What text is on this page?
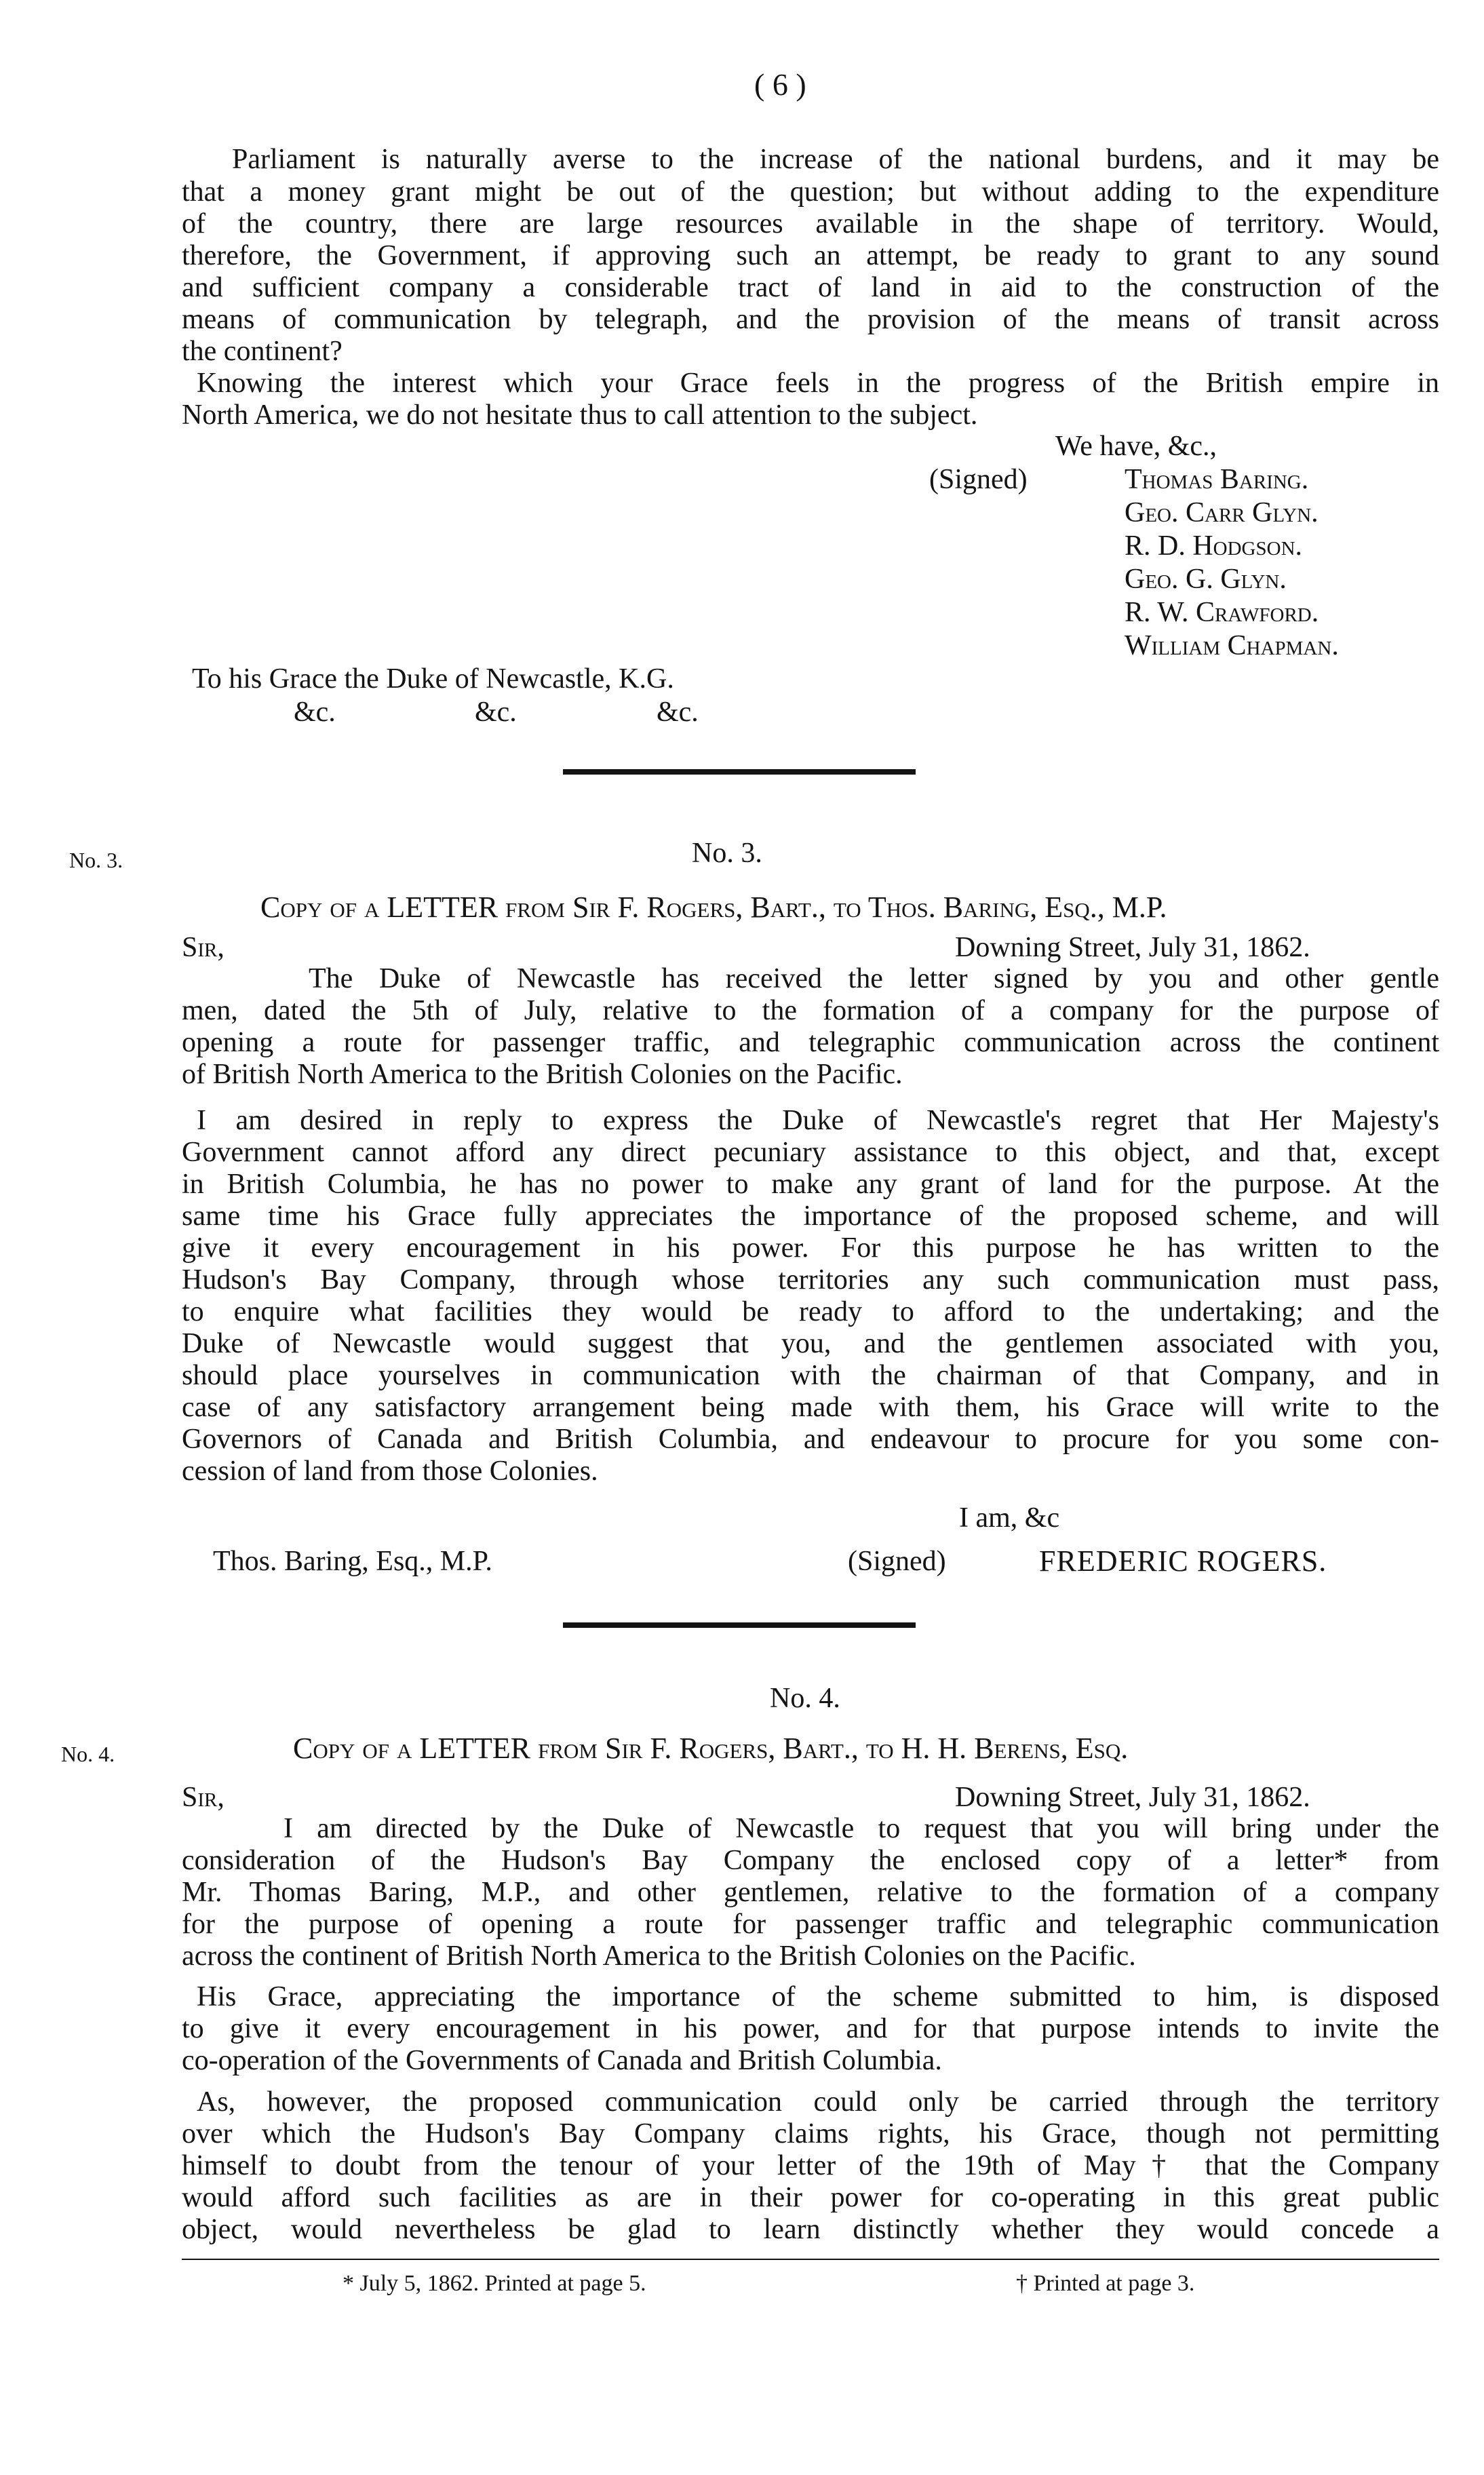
( 6 )
Parliament is naturally averse to the increase of the national burdens, and it may be
that a money grant might be out of the question; but without adding to the expenditure
of the country, there are large resources available in the shape of territory. Would,
therefore, the Government, if approving such an attempt, be ready to grant to any sound
and sufficient company a considerable tract of land in aid to the construction of the
means of communication by telegraph, and the provision of the means of transit across
the continent?
Knowing the interest which your Grace feels in the progress of the British empire in
North America, we do not hesitate thus to call attention to the subject.
We have, &c.,
(Signed)	Thomas Baring.
Geo. Carr Glyn.
R. D. Hodgson.
Geo. G. Glyn.
R. W. Crawford.
William Chapman.
To his Grace the Duke of Newcastle, K.G.
&c.	&c.	&c.
No. 3.	No. 3.
Copy of a LETTER from Sir F. Rogers, Bart., to Thos. Baring, Esq., M.P.
Sir,	Downing Street, July 31, 1862.
The Duke of Newcastle has received the letter signed by you and other gentle
men, dated the 5th of July, relative to the formation of a company for the purpose of
opening a route for passenger traffic, and telegraphic communication across the continent
of British North America to the British Colonies on the Pacific.
I am desired in reply to express the Duke of Newcastle's regret that Her Majesty's
Government cannot afford any direct pecuniary assistance to this object, and that, except
in British Columbia, he has no power to make any grant of land for the purpose. At the
same time his Grace fully appreciates the importance of the proposed scheme, and will
give it every encouragement in his power. For this purpose he has written to the
Hudson's Bay Company, through whose territories any such communication must pass,
to enquire what facilities they would be ready to afford to the undertaking; and the
Duke of Newcastle would suggest that you, and the gentlemen associated with you,
should place yourselves in communication with the chairman of that Company, and in
case of any satisfactory arrangement being made with them, his Grace will write to the
Governors of Canada and British Columbia, and endeavour to procure for you some con-
cession of land from those Colonies.
I am, &c
Thos. Baring, Esq., M.P.	(Signed)	FREDERIC ROGERS.
No. 4.
No. 4.	Copy of a LETTER from Sir F. Rogers, Bart., to H. H. Berens, Esq.
Sir,	Downing Street, July 31, 1862.
I am directed by the Duke of Newcastle to request that you will bring under the
consideration of the Hudson's Bay Company the enclosed copy of a letter* from
Mr. Thomas Baring, M.P., and other gentlemen, relative to the formation of a company
for the purpose of opening a route for passenger traffic and telegraphic communication
across the continent of British North America to the British Colonies on the Pacific.
His Grace, appreciating the importance of the scheme submitted to him, is disposed
to give it every encouragement in his power, and for that purpose intends to invite the
co-operation of the Governments of Canada and British Columbia.
As, however, the proposed communication could only be carried through the territory
over which the Hudson's Bay Company claims rights, his Grace, though not permitting
himself to doubt from the tenour of your letter of the 19th of May† that the Company
would afford such facilities as are in their power for co-operating in this great public
object, would nevertheless be glad to learn distinctly whether they would concede a
* July 5, 1862. Printed at page 5.	† Printed at page 3.
